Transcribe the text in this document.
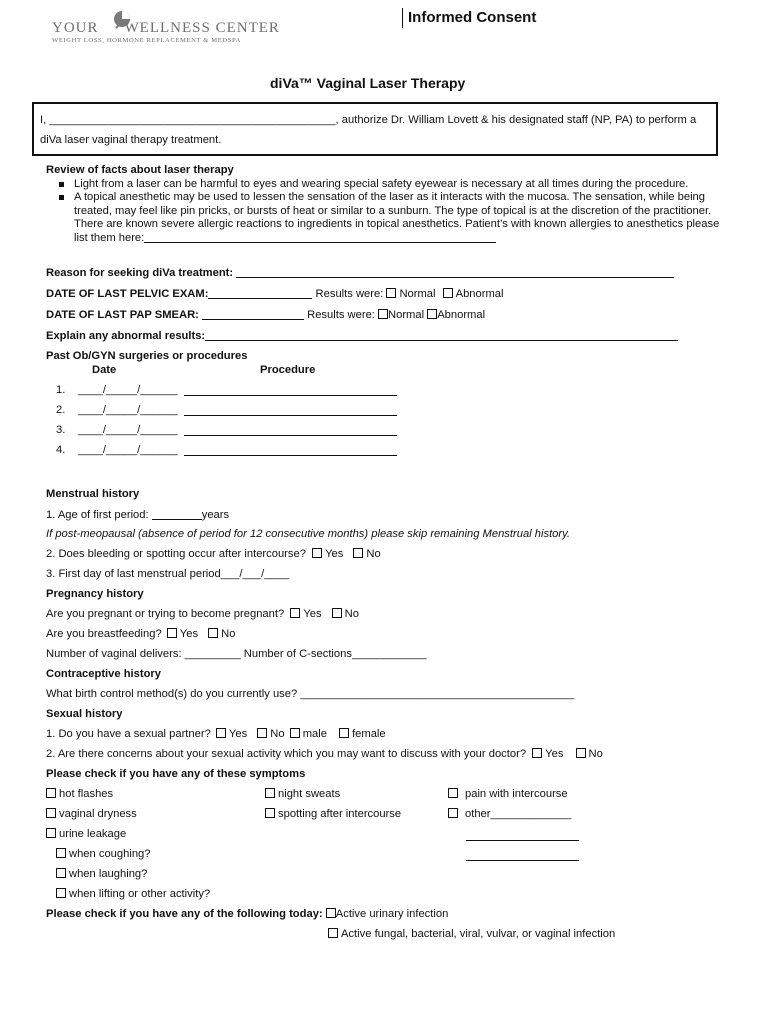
YOUR WELLNESS CENTER
WEIGHT LOSS, HORMONE REPLACEMENT & MEDSPA
Informed Consent
diVa™ Vaginal Laser Therapy
I, ______________________________________________, authorize Dr. William Lovett & his designated staff (NP, PA) to perform a
diVa laser vaginal therapy treatment.
Review of facts about laser therapy
Light from a laser can be harmful to eyes and wearing special safety eyewear is necessary at all times during the procedure.
A topical anesthetic may be used to lessen the sensation of the laser as it interacts with the mucosa. The sensation, while being treated, may feel like pin pricks, or bursts of heat or similar to a sunburn. The type of topical is at the discretion of the practitioner. There are known severe allergic reactions to ingredients in topical anesthetics. Patient’s with known allergies to anesthetics please list them here:
Reason for seeking diVa treatment:
DATE OF LAST PELVIC EXAM:	Results were: Normal Abnormal
DATE OF LAST PAP SMEAR:	Results were: Normal Abnormal
Explain any abnormal results:
Past Ob/GYN surgeries or procedures
Date	Procedure
1. ____/_____/______
2. ____/_____/______
3. ____/_____/______
4. ____/_____/______
Menstrual history
1. Age of first period:	years
If post-meopausal (absence of period for 12 consecutive months) please skip remaining Menstrual history.
2. Does bleeding or spotting occur after intercourse? Yes No
3. First day of last menstrual period___/___/____
Pregnancy history
Are you pregnant or trying to become pregnant? Yes No
Are you breastfeeding? Yes No
Number of vaginal delivers: _________ Number of C-sections____________
Contraceptive history
What birth control method(s) do you currently use? ____________________________________________
Sexual history
1. Do you have a sexual partner? Yes No male female
2. Are there concerns about your sexual activity which you may want to discuss with your doctor? Yes No
Please check if you have any of these symptoms
hot flashes	night sweats	pain with intercourse
vaginal dryness	spotting after intercourse	other_____________
urine leakage
when coughing?
when laughing?
when lifting or other activity?
Please check if you have any of the following today: Active urinary infection
Active fungal, bacterial, viral, vulvar, or vaginal infection
